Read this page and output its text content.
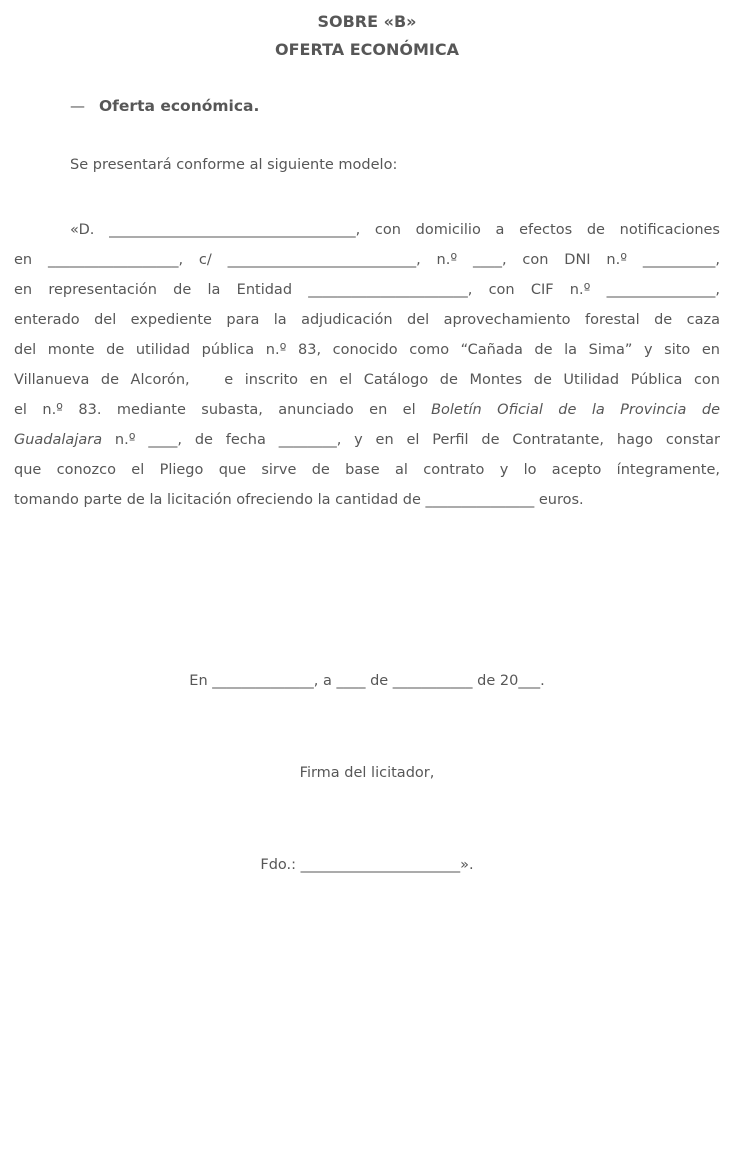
SOBRE «B»
OFERTA ECONÓMICA
— Oferta económica.
Se presentará conforme al siguiente modelo:
«D. __________________________________, con domicilio a efectos de notificaciones
en __________________, c/ __________________________, n.º ____, con DNI n.º __________,
en representación de la Entidad ______________________, con CIF n.º _______________,
enterado del expediente para la adjudicación del aprovechamiento forestal de caza
del monte de utilidad pública n.º 83, conocido como “Cañada de la Sima” y sito en
Villanueva de Alcorón,   e inscrito en el Catálogo de Montes de Utilidad Pública con
el n.º 83. mediante subasta, anunciado en el Boletín Oficial de la Provincia de
Guadalajara n.º ____, de fecha ________, y en el Perfil de Contratante, hago constar
que conozco el Pliego que sirve de base al contrato y lo acepto íntegramente,
tomando parte de la licitación ofreciendo la cantidad de _______________ euros.
En ______________, a ____ de ___________ de 20___.
Firma del licitador,
Fdo.: ______________________».
